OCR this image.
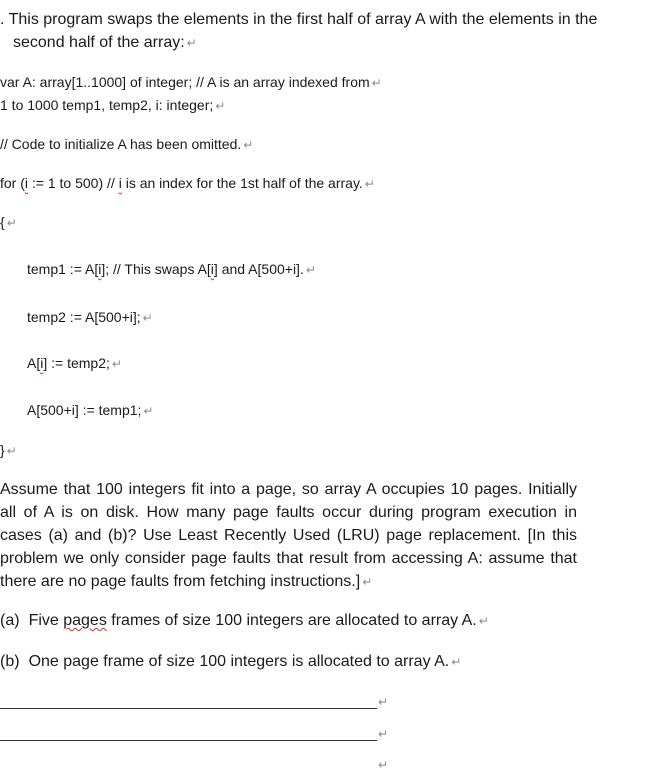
. This program swaps the elements in the first half of array A with the elements in the
second half of the array: ↵
var A: array[1..1000] of integer; // A is an array indexed from ↵
1 to 1000 temp1, temp2, i: integer; ↵
// Code to initialize A has been omitted. ↵
for (i := 1 to 500) // i is an index for the 1st half of the array. ↵
{ ↵
temp1 := A[i]; // This swaps A[i] and A[500+i]. ↵
temp2 := A[500+i]; ↵
A[i] := temp2; ↵
A[500+i] := temp1; ↵
} ↵
Assume that 100 integers fit into a page, so array A occupies 10 pages. Initially all of A is on disk. How many page faults occur during program execution in cases (a) and (b)? Use Least Recently Used (LRU) page replacement. [In this problem we only consider page faults that result from accessing A: assume that there are no page faults from fetching instructions.] ↵
(a) Five pages frames of size 100 integers are allocated to array A. ↵
(b) One page frame of size 100 integers is allocated to array A. ↵
↵
↵
↵
